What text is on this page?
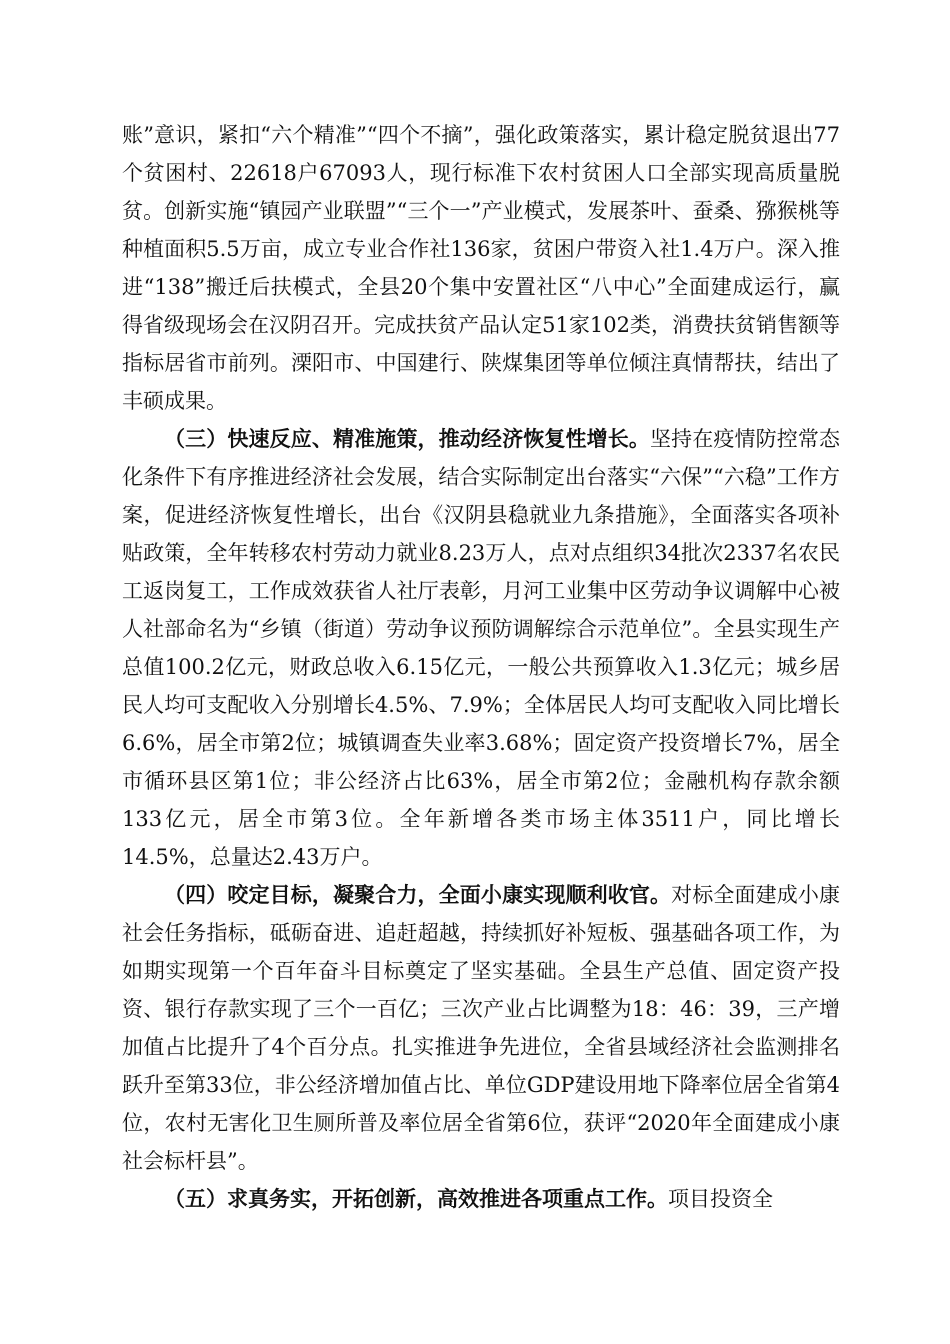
账”意识，紧扣“六个精准”“四个不摘”，强化政策落实，累计稳定脱贫退出77个贫困村、22618户67093人，现行标准下农村贫困人口全部实现高质量脱贫。创新实施“镇园产业联盟”“三个一”产业模式，发展茶叶、蚕桑、猕猴桃等种植面积5.5万亩，成立专业合作社136家，贫困户带资入社1.4万户。深入推进“138”搬迁后扶模式，全县20个集中安置社区“八中心”全面建成运行，赢得省级现场会在汉阴召开。完成扶贫产品认定51家102类，消费扶贫销售额等指标居省市前列。溧阳市、中国建行、陕煤集团等单位倾注真情帮扶，结出了丰硕成果。

（三）快速反应、精准施策，推动经济恢复性增长。坚持在疫情防控常态化条件下有序推进经济社会发展，结合实际制定出台落实“六保”“六稳”工作方案，促进经济恢复性增长，出台《汉阴县稳就业九条措施》，全面落实各项补贴政策，全年转移农村劳动力就业8.23万人，点对点组织34批次2337名农民工返岗复工，工作成效获省人社厅表彰，月河工业集中区劳动争议调解中心被人社部命名为“乡镇（街道）劳动争议预防调解综合示范单位”。全县实现生产总值100.2亿元，财政总收入6.15亿元，一般公共预算收入1.3亿元；城乡居民人均可支配收入分别增长4.5%、7.9%；全体居民人均可支配收入同比增长6.6%，居全市第2位；城镇调查失业率3.68%；固定资产投资增长7%，居全市循环县区第1位；非公经济占比63%，居全市第2位；金融机构存款余额133亿元，居全市第3位。全年新增各类市场主体3511户，同比增长14.5%，总量达2.43万户。

（四）咬定目标，凝聚合力，全面小康实现顺利收官。对标全面建成小康社会任务指标，砥砺奋进、追赶超越，持续抓好补短板、强基础各项工作，为如期实现第一个百年奋斗目标奠定了坚实基础。全县生产总值、固定资产投资、银行存款实现了三个一百亿；三次产业占比调整为18：46：39，三产增加值占比提升了4个百分点。扎实推进争先进位，全省县域经济社会监测排名跃升至第33位，非公经济增加值占比、单位GDP建设用地下降率位居全省第4位，农村无害化卫生厕所普及率位居全省第6位，获评“2020年全面建成小康社会标杆县”。

（五）求真务实，开拓创新，高效推进各项重点工作。项目投资全
